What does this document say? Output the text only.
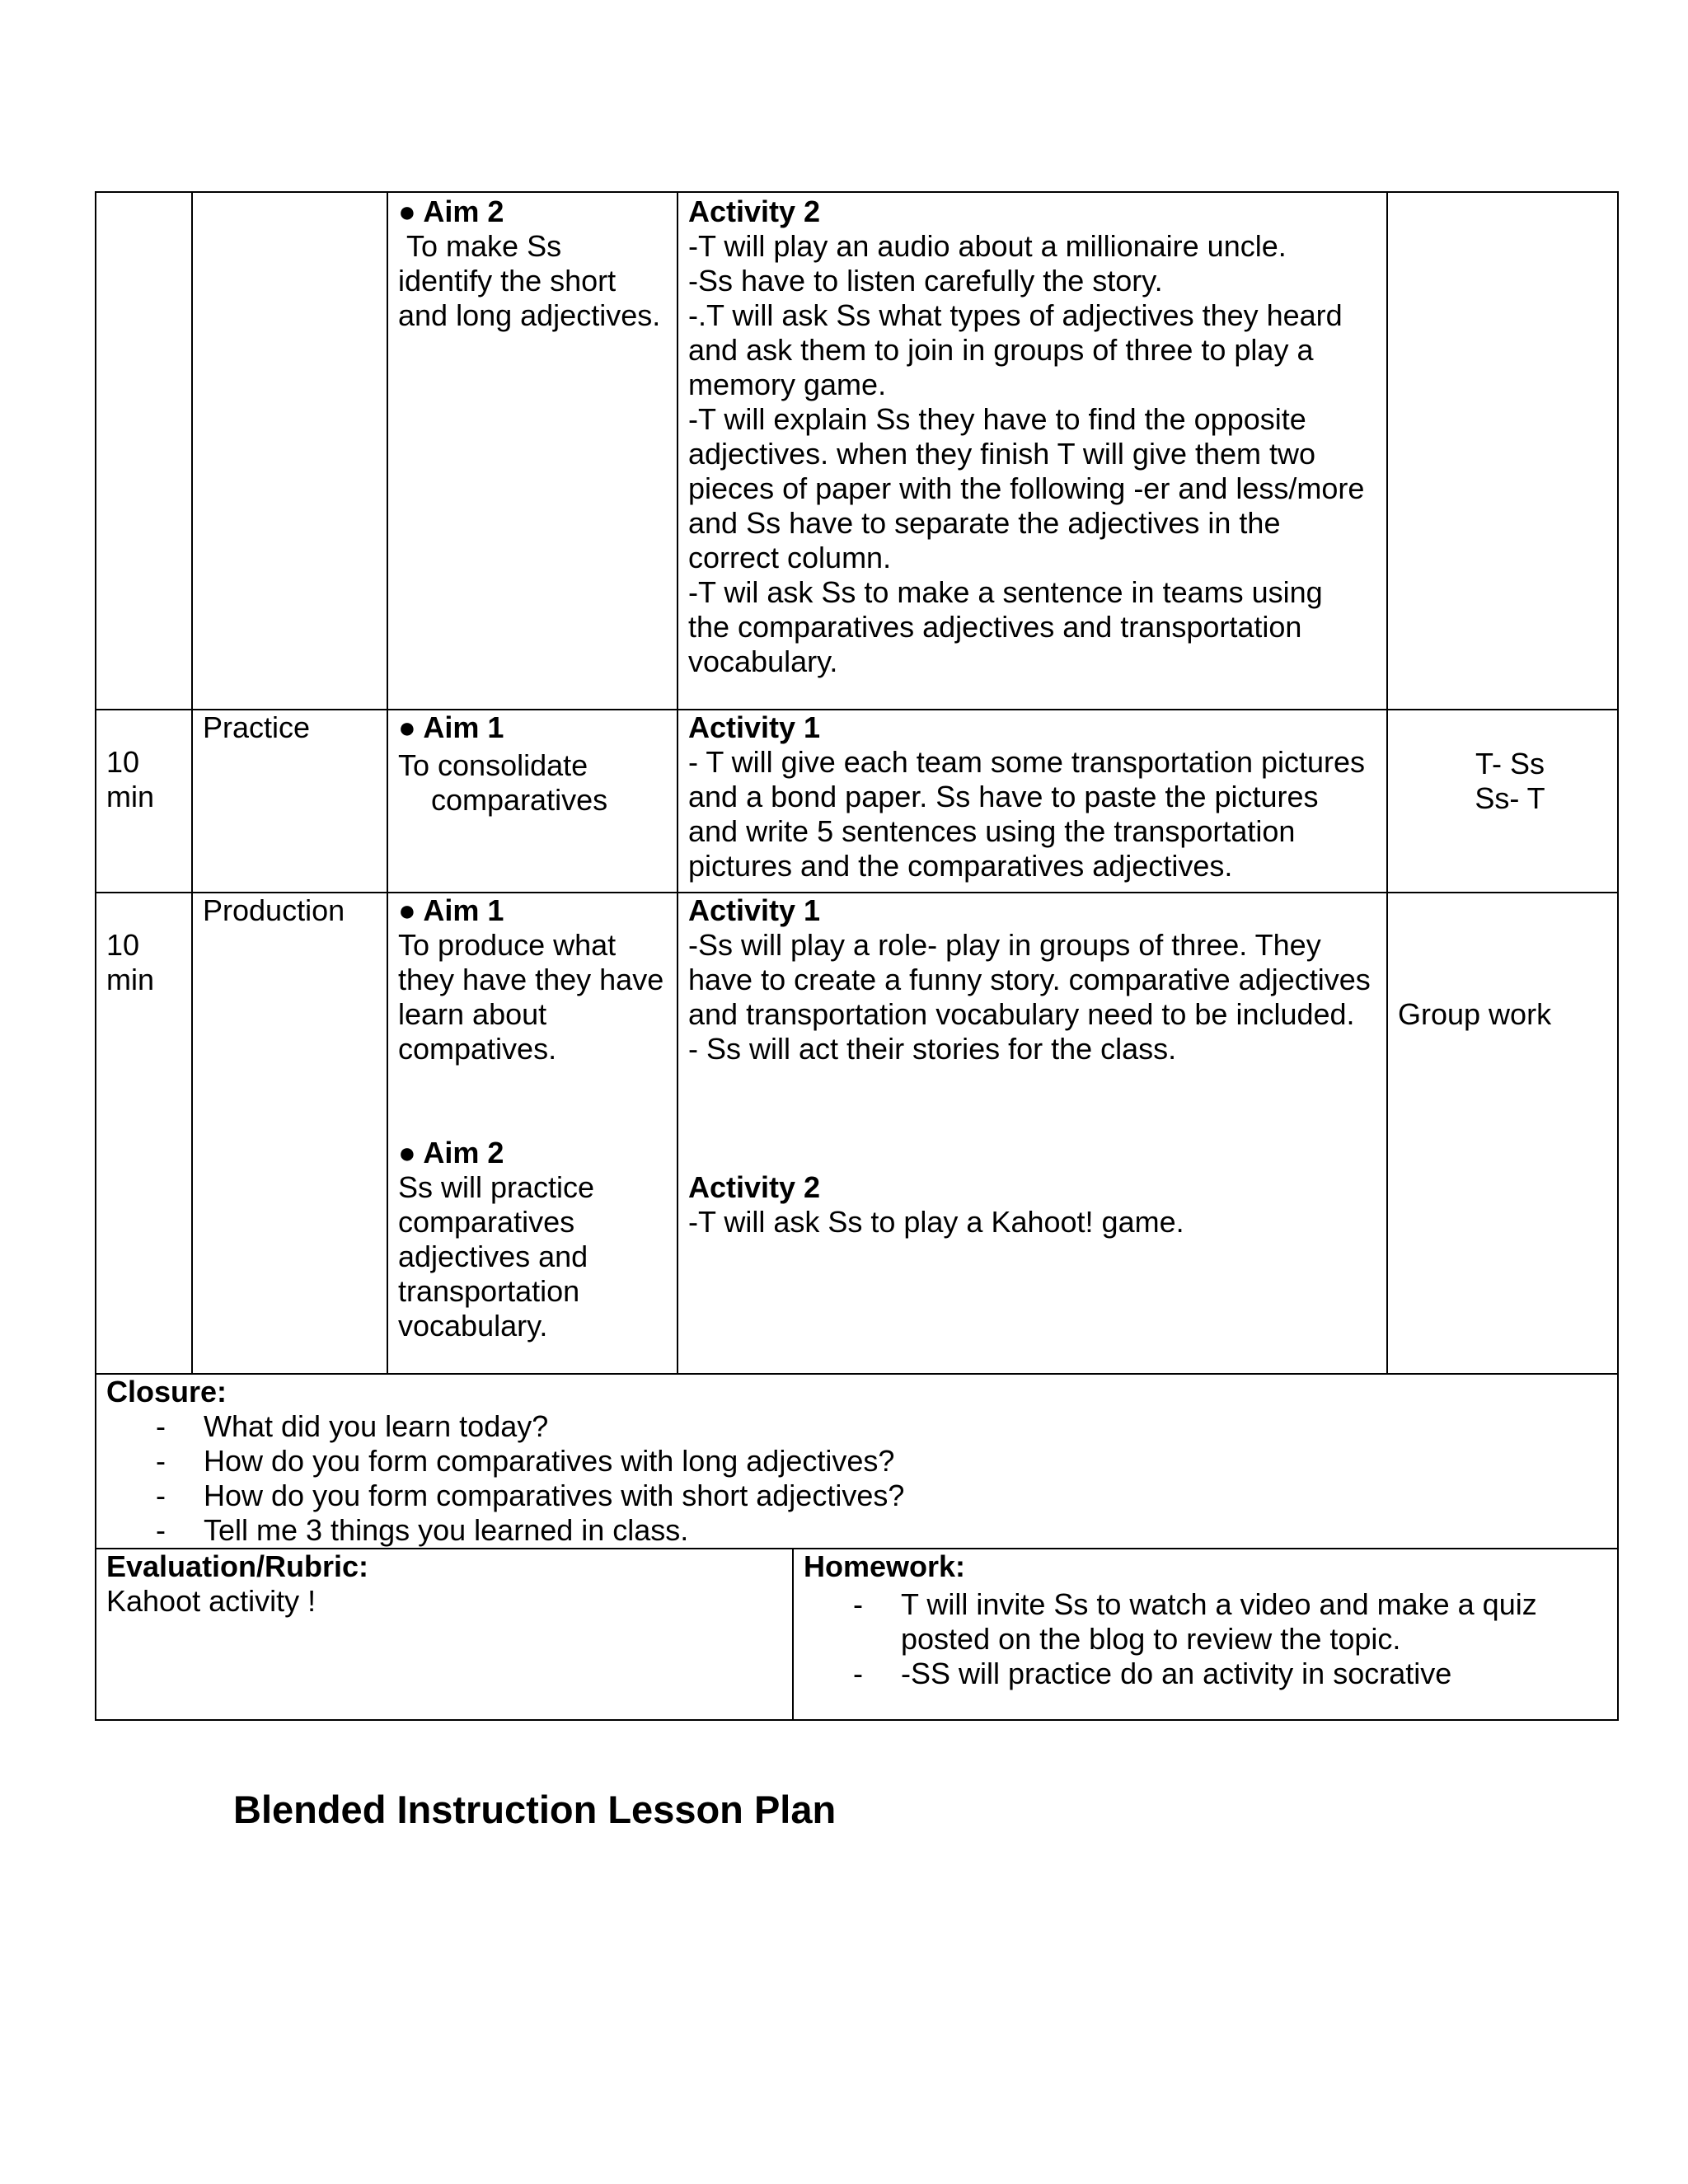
● Aim 2
To make Ss
identify the short
and long adjectives.
Activity 2
-T will play an audio about a millionaire uncle.
-Ss have to listen carefully the story.
-.T will ask Ss what types of adjectives they heard
and ask them to join in groups of three to play a
memory game.
-T will explain Ss they have to find the opposite
adjectives. when they finish T will give them two
pieces of paper with the following -er and less/more
and Ss have to separate the adjectives in the
correct column.
-T wil ask Ss to make a sentence in teams using
the comparatives adjectives and transportation
vocabulary.
10
min
Practice	● Aim 1
To consolidate
comparatives
Activity 1
- T will give each team some transportation pictures
and a bond paper. Ss have to paste the pictures
and write 5 sentences using the transportation
pictures and the comparatives adjectives.
T- Ss
Ss- T
10
min
Production	● Aim 1
To produce what
they have they have
learn about
compatives.
● Aim 2
Ss will practice
comparatives
adjectives and
transportation
vocabulary.
Activity 1
-Ss will play a role- play in groups of three. They
have to create a funny story. comparative adjectives
and transportation vocabulary need to be included.
- Ss will act their stories for the class.
Activity 2
-T will ask Ss to play a Kahoot! game.
Group work
Closure:
- What did you learn today?
- How do you form comparatives with long adjectives?
- How do you form comparatives with short adjectives?
- Tell me 3 things you learned in class.
Evaluation/Rubric:
Kahoot activity !
Homework:
- T will invite Ss to watch a video and make a quiz
posted on the blog to review the topic.
- -SS will practice do an activity in socrative
Blended Instruction Lesson Plan
